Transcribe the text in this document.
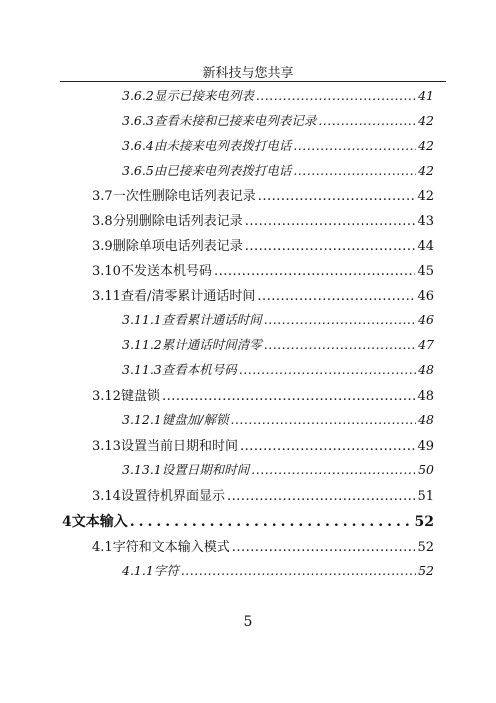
新科技与您共享
3.6.2 显示已接来电列表 .....	41
3.6.3 查看未接和已接来电列表记录 .....	42
3.6.4 由未接来电列表拨打电话 .....	42
3.6.5 由已接来电列表拨打电话 .....	42
3.7 一次性删除电话列表记录 .....	42
3.8 分别删除电话列表记录 .....	43
3.9 删除单项电话列表记录 .....	44
3.10 不发送本机号码 .....	45
3.11 查看/清零累计通话时间 .....	46
3.11.1 查看累计通话时间 .....	46
3.11.2 累计通话时间清零 .....	47
3.11.3 查看本机号码 .....	48
3.12 键盘锁 .....	48
3.12.1 键盘加/解锁 .....	48
3.13 设置当前日期和时间 .....	49
3.13.1 设置日期和时间 .....	50
3.14 设置待机界面显示 .....	51
4 文本输入 .....	52
4.1 字符和文本输入模式 .....	52
4.1.1 字符 .....	52
5
